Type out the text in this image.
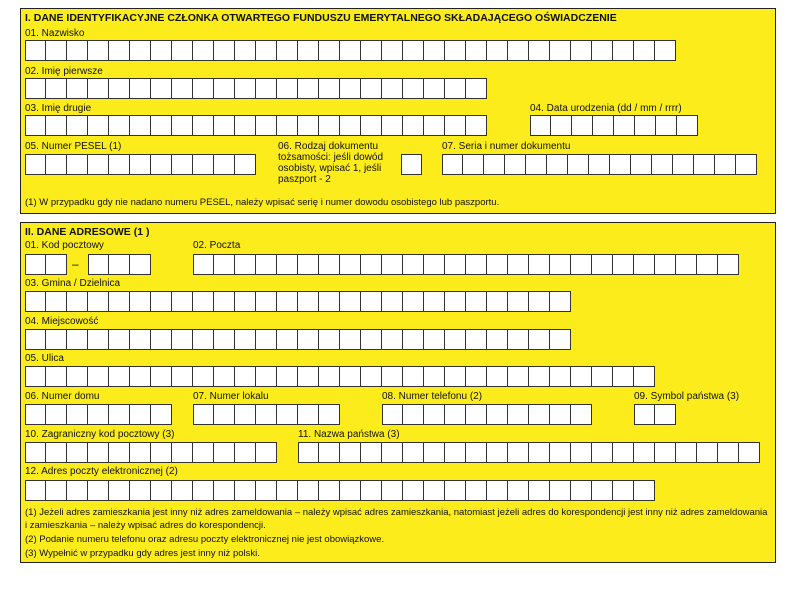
I. DANE IDENTYFIKACYJNE CZŁONKA OTWARTEGO FUNDUSZU EMERYTALNEGO SKŁADAJĄCEGO OŚWIADCZENIE
01. Nazwisko
02. Imię pierwsze
03. Imię drugie	04. Data urodzenia (dd / mm / rrrr)
05. Numer PESEL (1)	06. Rodzaj dokumentu tożsamości: jeśli dowód osobisty, wpisać 1, jeśli paszport - 2
07. Seria i numer dokumentu
(1) W przypadku gdy nie nadano numeru PESEL, należy wpisać serię i numer dowodu osobistego lub paszportu.
II. DANE ADRESOWE (1 )
01. Kod pocztowy
–
02. Poczta
03. Gmina / Dzielnica
04. Miejscowość
05. Ulica
06. Numer domu	07. Numer lokalu	08. Numer telefonu (2)	09. Symbol państwa (3)
10. Zagraniczny kod pocztowy (3)	11. Nazwa państwa (3)
12. Adres poczty elektronicznej (2)
(1) Jeżeli adres zamieszkania jest inny niż adres zameldowania – należy wpisać adres zamieszkania, natomiast jeżeli adres do korespondencji jest inny niż adres zameldowania i zamieszkania – należy wpisać adres do korespondencji.
(2) Podanie numeru telefonu oraz adresu poczty elektronicznej nie jest obowiązkowe.
(3) Wypełnić w przypadku gdy adres jest inny niż polski.
